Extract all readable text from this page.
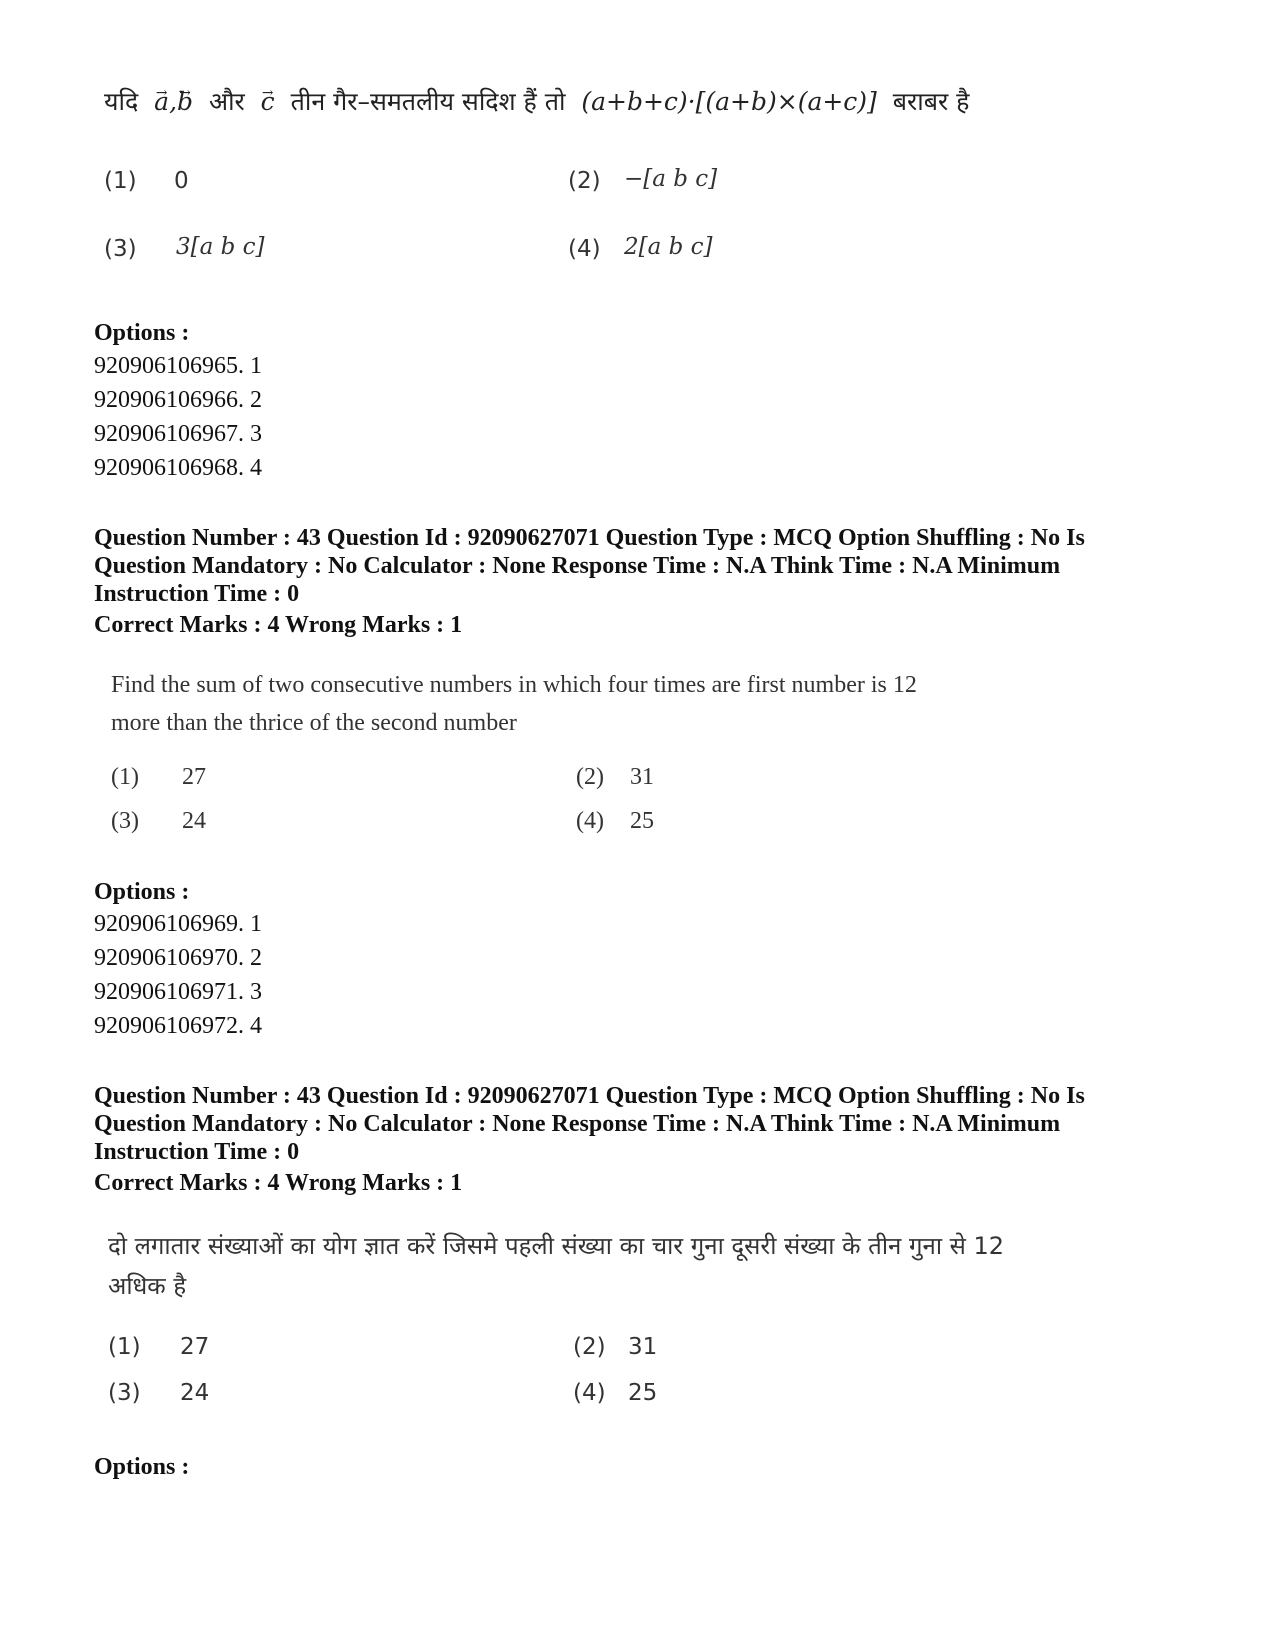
यदि → a,→ b और → c तीन गैर–समतलीय सदिश हैं तो (a+b+c)·[(a+b)×(a+c)] बराबर है
(1) 0	(2) −[a b c]
(3) 3[a b c]	(4) 2[a b c]
Options :
920906106965. 1
920906106966. 2
920906106967. 3
920906106968. 4
Question Number : 43 Question Id : 92090627071 Question Type : MCQ Option Shuffling : No Is
Question Mandatory : No Calculator : None Response Time : N.A Think Time : N.A Minimum
Instruction Time : 0
Correct Marks : 4 Wrong Marks : 1
Find the sum of two consecutive numbers in which four times are first number is 12
more than the thrice of the second number
(1) 27	(2) 31
(3) 24	(4) 25
Options :
920906106969. 1
920906106970. 2
920906106971. 3
920906106972. 4
Question Number : 43 Question Id : 92090627071 Question Type : MCQ Option Shuffling : No Is
Question Mandatory : No Calculator : None Response Time : N.A Think Time : N.A Minimum
Instruction Time : 0
Correct Marks : 4 Wrong Marks : 1
दो लगातार संख्याओं का योग ज्ञात करें जिसमे पहली संख्या का चार गुना दूसरी संख्या के तीन गुना से 12
अधिक है
(1) 27	(2) 31
(3) 24	(4) 25
Options :
